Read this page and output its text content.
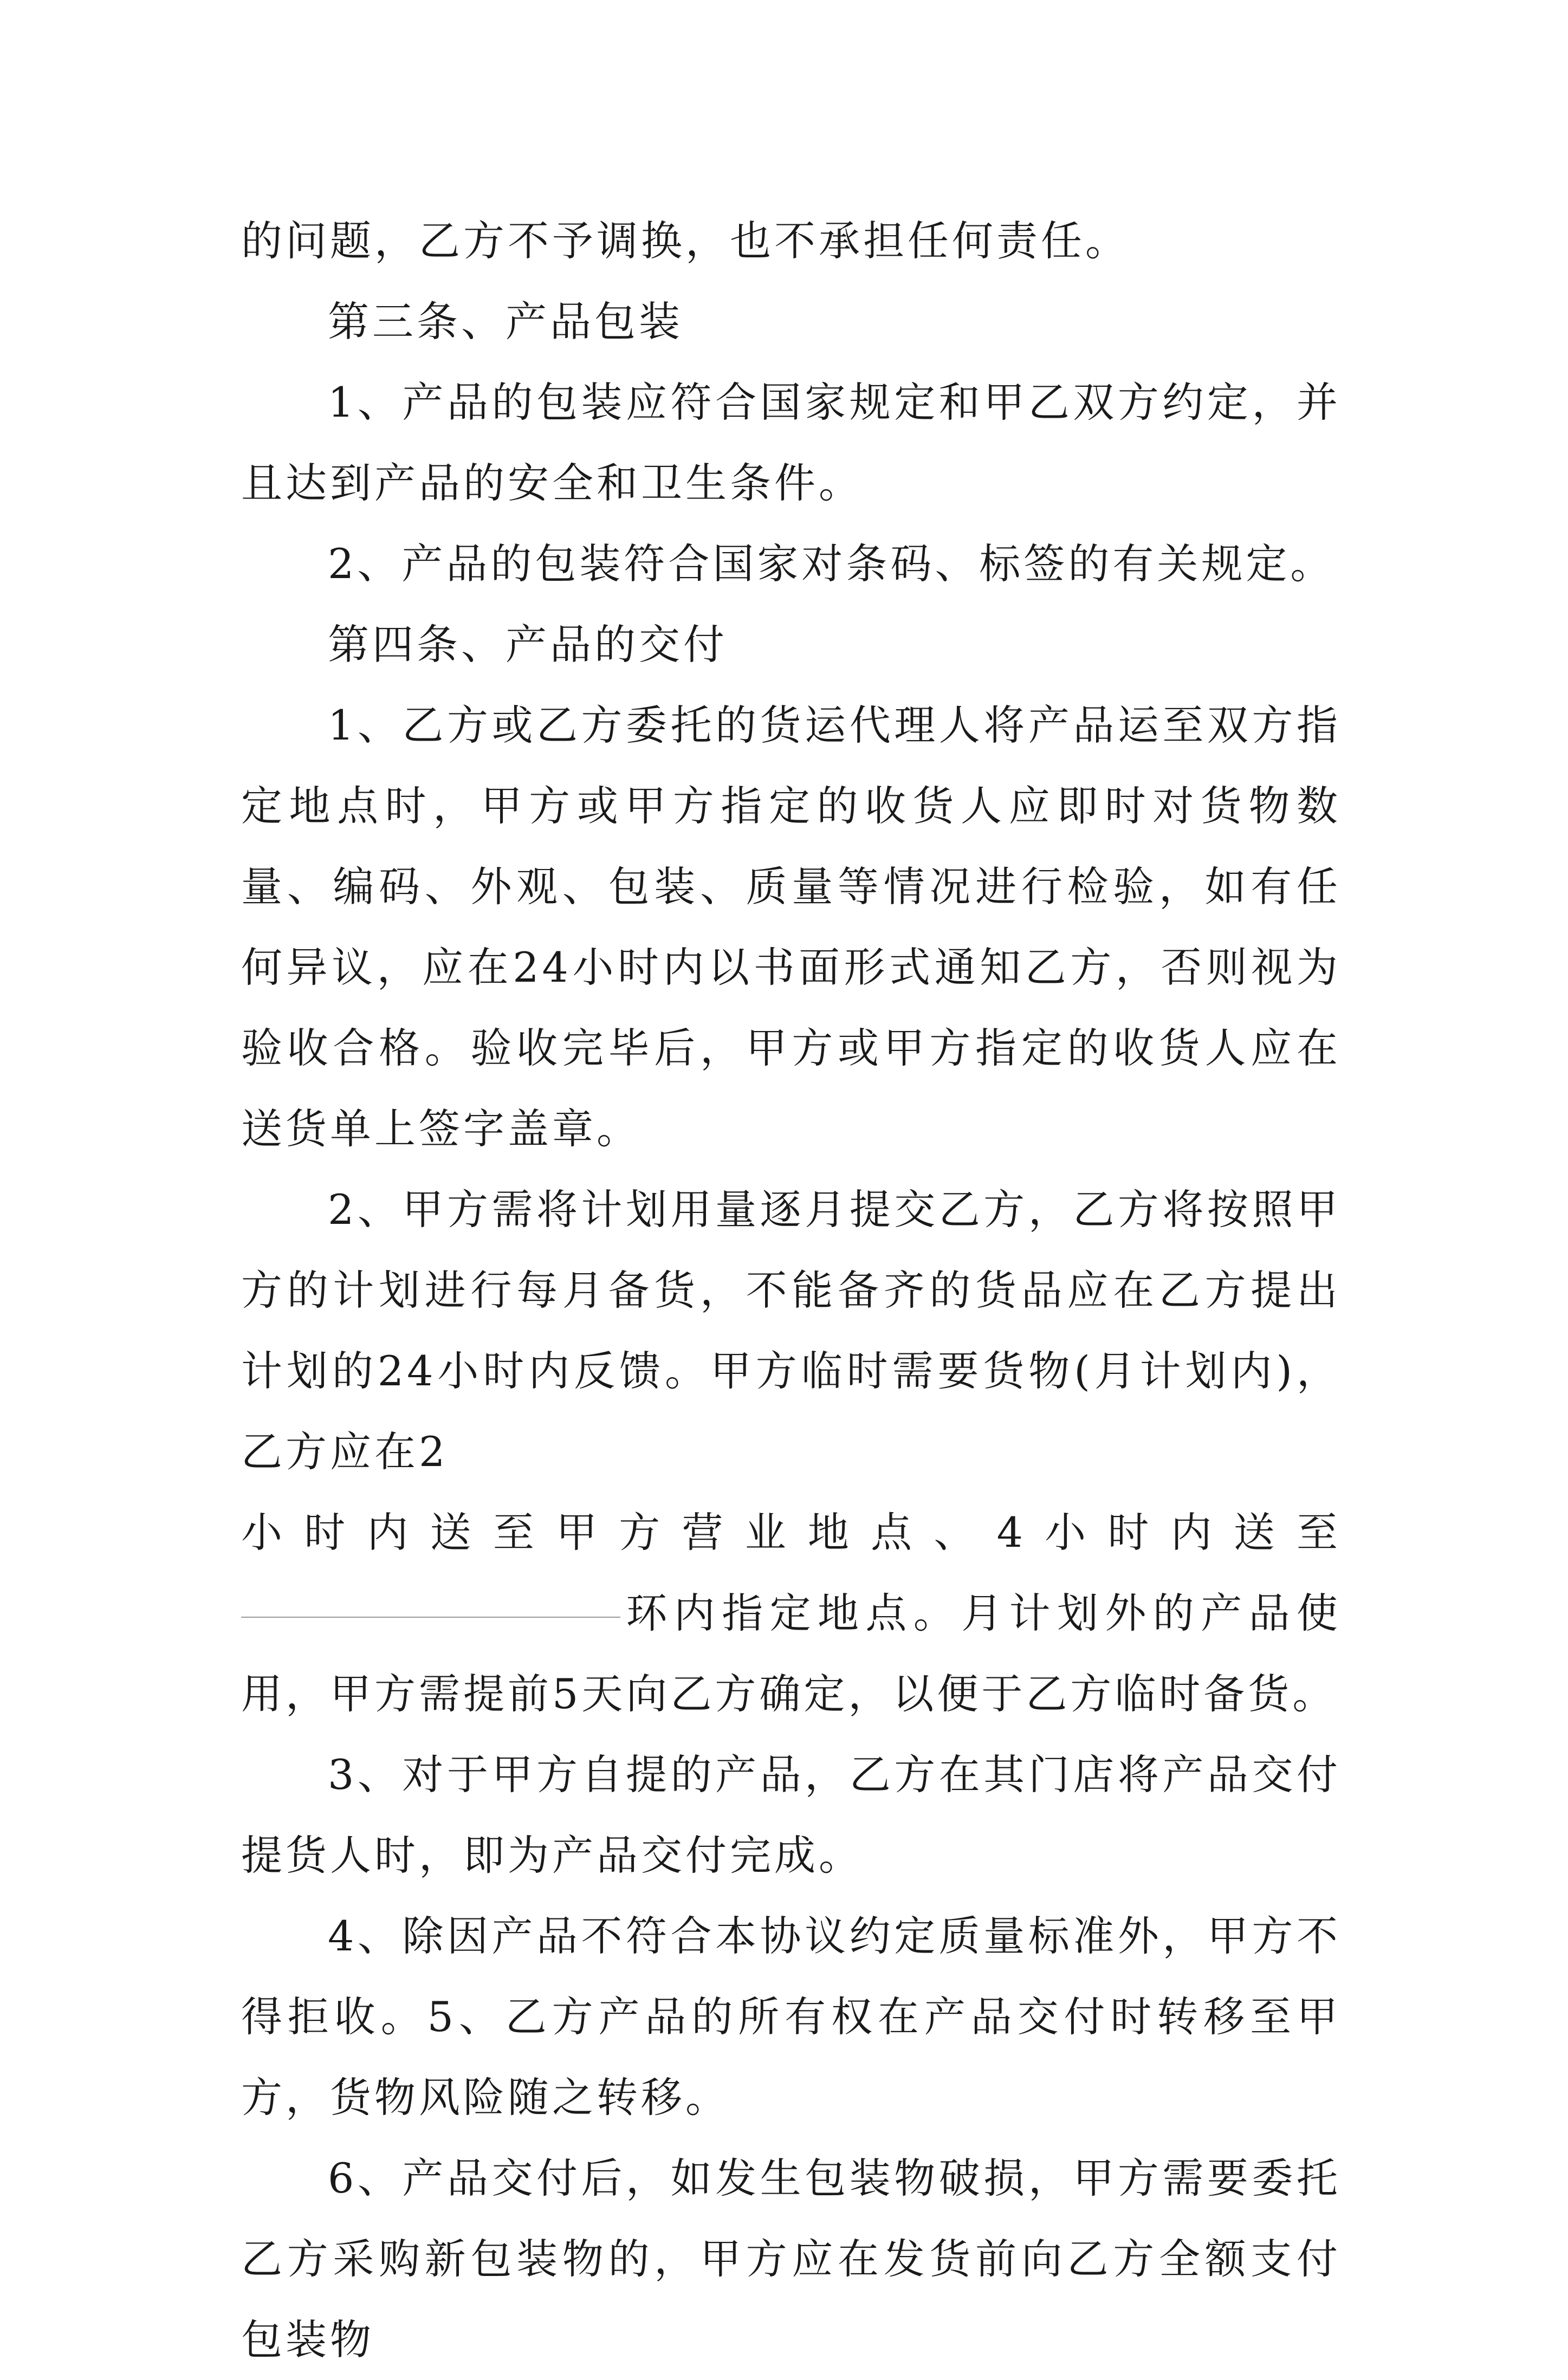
的问题，乙方不予调换，也不承担任何责任。

第三条、产品包装

1、产品的包装应符合国家规定和甲乙双方约定，并且达到产品的安全和卫生条件。

2、产品的包装符合国家对条码、标签的有关规定。

第四条、产品的交付

1、乙方或乙方委托的货运代理人将产品运至双方指定地点时，甲方或甲方指定的收货人应即时对货物数量、编码、外观、包装、质量等情况进行检验，如有任何异议，应在24小时内以书面形式通知乙方，否则视为验收合格。验收完毕后，甲方或甲方指定的收货人应在送货单上签字盖章。

2、甲方需将计划用量逐月提交乙方，乙方将按照甲方的计划进行每月备货，不能备齐的货品应在乙方提出计划的24小时内反馈。甲方临时需要货物(月计划内)，乙方应在2

小时内送至甲方营业地点、4小时内送至

环内指定地点。月计划外的产品使用，甲方需提前5天向乙方确定，以便于乙方临时备货。

3、对于甲方自提的产品，乙方在其门店将产品交付提货人时，即为产品交付完成。

4、除因产品不符合本协议约定质量标准外，甲方不得拒收。5、乙方产品的所有权在产品交付时转移至甲方，货物风险随之转移。

6、产品交付后，如发生包装物破损，甲方需要委托乙方采购新包装物的，甲方应在发货前向乙方全额支付包装物
